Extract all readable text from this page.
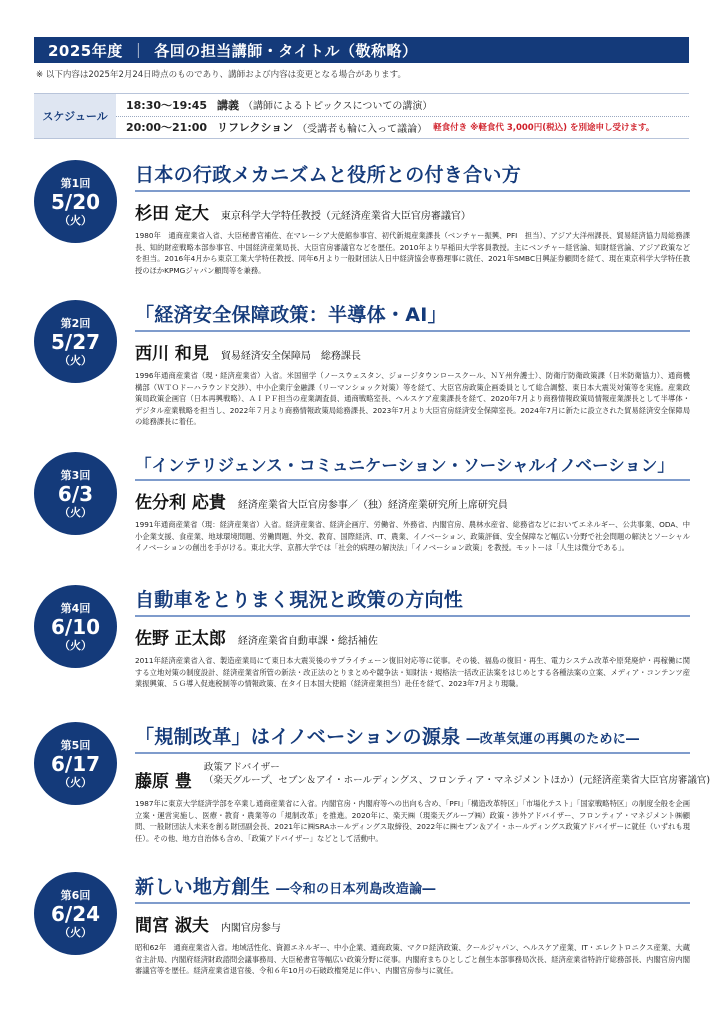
2025年度 ｜ 各回の担当講師・タイトル（敬称略）
※ 以下内容は2025年2月24日時点のものであり、講師および内容は変更となる場合があります。
スケジュール
18:30〜19:45 講義 （講師によるトピックスについての講演）
20:00〜21:00 リフレクション （受講者も輪に入って議論） 軽食付き ※軽食代 3,000円(税込) を別途申し受けます。
第1回
5/20
（火）
日本の行政メカニズムと役所との付き合い方
杉田 定大 東京科学大学特任教授（元経済産業省大臣官房審議官）
1980年　通商産業省入省、大臣秘書官補佐、在マレーシア大使館参事官、初代新規産業課長（ベンチャー振興、PFI　担当）、アジア大洋州課長、貿易経済協力局総務課長、知的財産戦略本部参事官、中国経済産業局長、大臣官房審議官などを歴任。2010年より早稲田大学客員教授。主にベンチャー経営論、知財経営論、アジア政策などを担当。2016年4月から東京工業大学特任教授、同年6月より一般財団法人日中経済協会専務理事に就任、2021年SMBC日興証券顧問を経て、現在東京科学大学特任教授のほかKPMGジャパン顧問等を兼務。
第2回
5/27
（火）
「経済安全保障政策：半導体・AI」
西川 和見 貿易経済安全保障局　総務課長
1996年通商産業省（現・経済産業省）入省。米国留学（ノースウェスタン、ジョージタウンロースクール、ＮＹ州弁護士）、防衛庁防衛政策課（日米防衛協力）、通商機構部（ＷＴＯドーハラウンド交渉）、中小企業庁金融課（リーマンショック対策）等を経て、大臣官房政策企画委員として総合調整、東日本大震災対策等を実施。産業政策局政策企画官（日本再興戦略）、ＡＩＰＦ担当の産業調査員、通商戦略室長、ヘルスケア産業課長を経て、2020年7月より商務情報政策局情報産業課長として半導体・デジタル産業戦略を担当し、2022年７月より商務情報政策局総務課長、2023年7月より大臣官房経済安全保障室長。2024年7月に新たに設立された貿易経済安全保障局の総務課長に着任。
第3回
6/3
（火）
「インテリジェンス・コミュニケーション・ソーシャルイノベーション」
佐分利 応貴 経済産業省大臣官房参事／（独）経済産業研究所上席研究員
1991年通商産業省（現：経済産業省）入省。経済産業省、経済企画庁、労働省、外務省、内閣官房、農林水産省、総務省などにおいてエネルギー、公共事業、ODA、中小企業支援、食産業、地球環境問題、労働問題、外交、教育、国際経済、IT、農業、イノベーション、政策評価、安全保障など幅広い分野で社会問題の解決とソーシャルイノベーションの創出を手がける。東北大学、京都大学では「社会的病理の解決法」「イノベーション政策」を教授。モットーは「人生は微分である」。
第4回
6/10
（火）
自動車をとりまく現況と政策の方向性
佐野 正太郎 経済産業省自動車課・総括補佐
2011年経済産業省入省、製造産業局にて東日本大震災後のサプライチェーン復旧対応等に従事。その後、福島の復旧・再生、電力システム改革や原発廃炉・再稼働に関する立地対策の制度設計、経済産業省所管の新法・改正法のとりまとめや競争法・知財法・規格法一括改正法案をはじめとする各種法案の立案、メディア・コンテンツ産業振興策、５Ｇ導入促進税制等の情報政策、在タイ日本国大使館（経済産業担当）赴任を経て、2023年7月より現職。
第5回
6/17
（火）
「規制改革」はイノベーションの源泉 ―改革気運の再興のために―
藤原 豊
政策アドバイザー
（楽天グループ、セブン＆アイ・ホールディングス、フロンティア・マネジメントほか）(元経済産業省大臣官房審議官)
1987年に東京大学経済学部を卒業し通商産業省に入省。内閣官房・内閣府等への出向も含め、「PFI」「構造改革特区」「市場化テスト」「国家戦略特区」の制度全般を企画立案・運営実施し、医療・教育・農業等の「規制改革」を推進。2020年に、楽天㈱（現楽天グループ㈱）政策・渉外アドバイザー、フロンティア・マネジメント㈱顧問、一般財団法人未来を創る財団副会長、2021年に㈱SRAホールディングス取締役、2022年に㈱セブン＆アイ・ホールディングス政策アドバイザーに就任（いずれも現任）。その他、地方自治体も含め、「政策アドバイザー」などとして活動中。
第6回
6/24
（火）
新しい地方創生 ―令和の日本列島改造論―
間宮 淑夫 内閣官房参与
昭和62年　通商産業省入省。地域活性化、資源エネルギー、中小企業、通商政策、マクロ経済政策、クールジャパン、ヘルスケア産業、IT・エレクトロニクス産業、大蔵省主計局、内閣府経済財政諮問会議事務局、大臣秘書官等幅広い政策分野に従事。内閣府まちひとしごと創生本部事務局次長、経済産業省特許庁総務部長、内閣官房内閣審議官等を歴任。経済産業省退官後、令和６年10月の石破政権発足に伴い、内閣官房参与に就任。
